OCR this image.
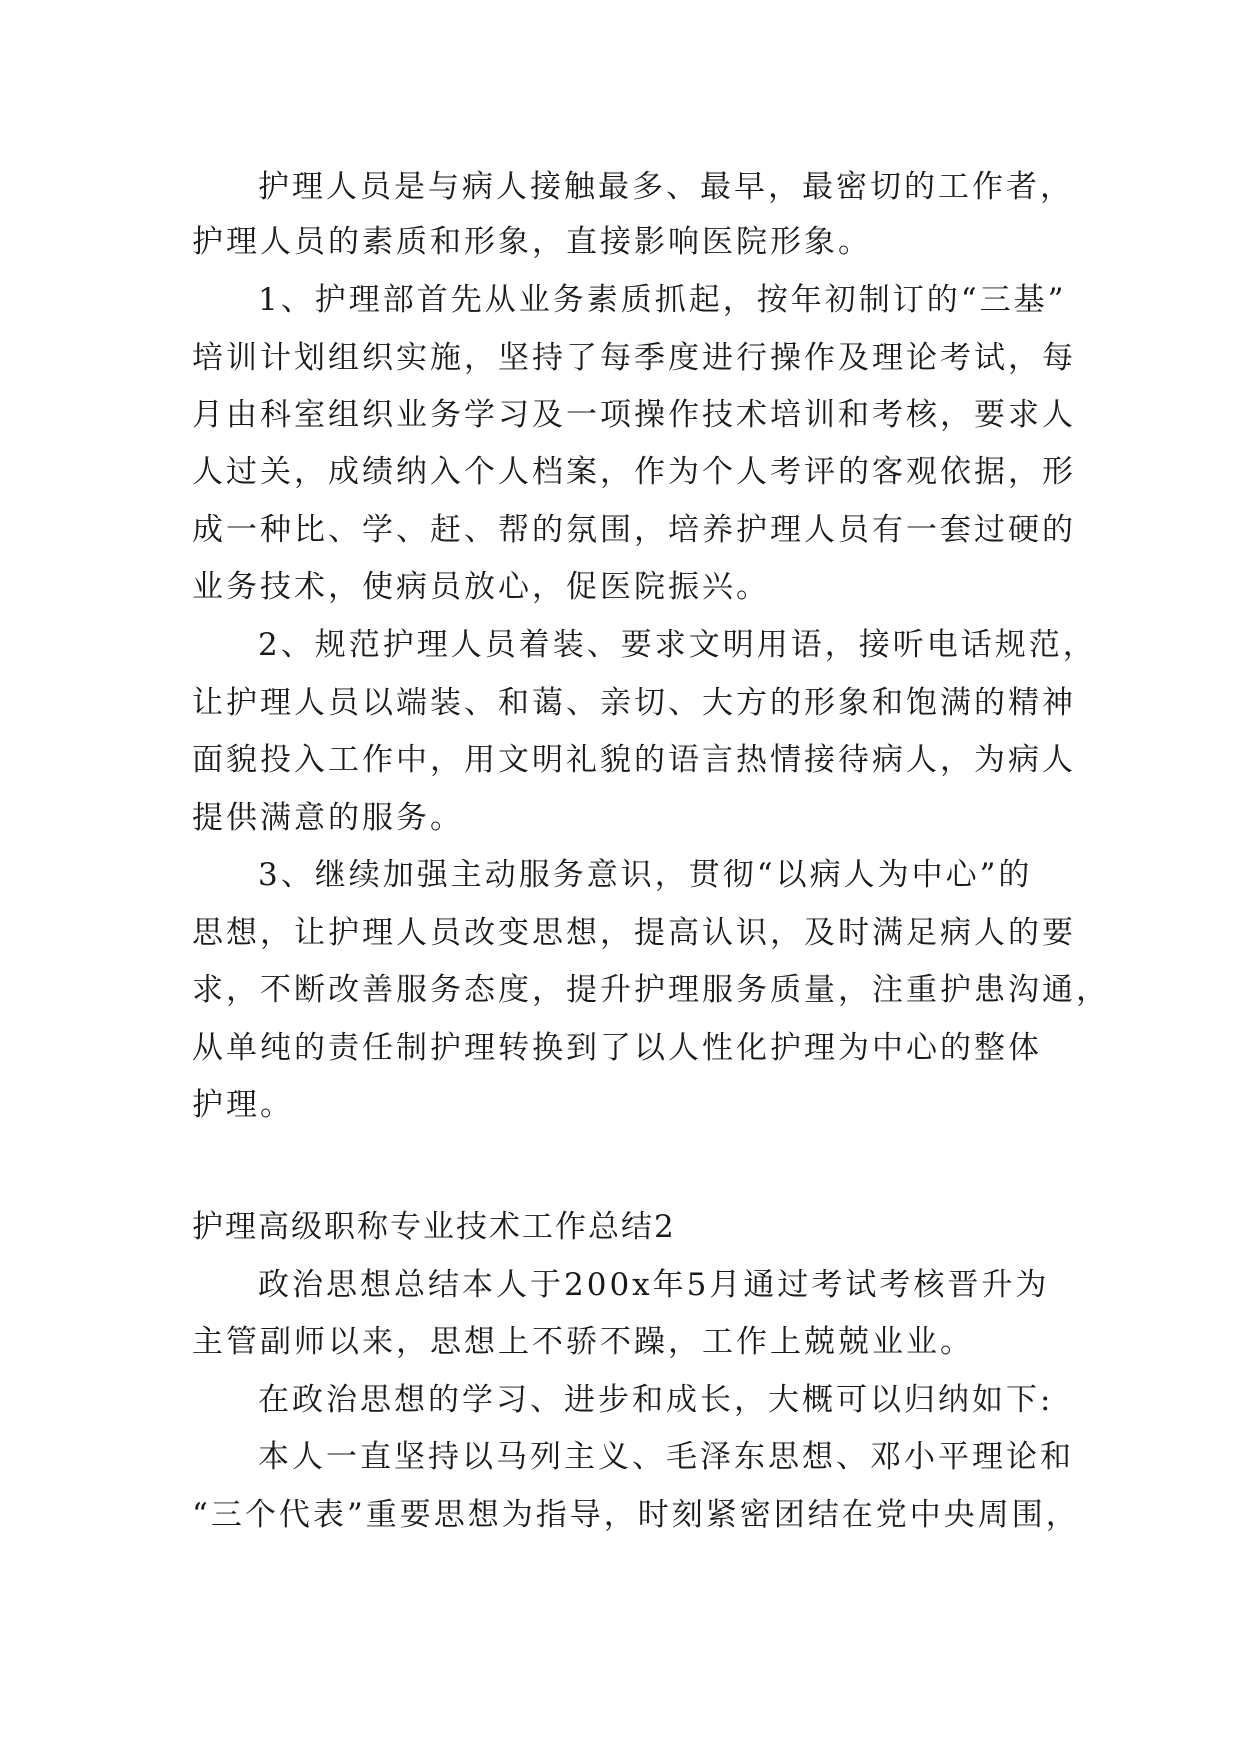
护理人员是与病人接触最多、最早，最密切的工作者，
护理人员的素质和形象，直接影响医院形象。
1、护理部首先从业务素质抓起，按年初制订的“三基”
培训计划组织实施，坚持了每季度进行操作及理论考试，每
月由科室组织业务学习及一项操作技术培训和考核，要求人
人过关，成绩纳入个人档案，作为个人考评的客观依据，形
成一种比、学、赶、帮的氛围，培养护理人员有一套过硬的
业务技术，使病员放心，促医院振兴。
2、规范护理人员着装、要求文明用语，接听电话规范，
让护理人员以端装、和蔼、亲切、大方的形象和饱满的精神
面貌投入工作中，用文明礼貌的语言热情接待病人，为病人
提供满意的服务。
3、继续加强主动服务意识，贯彻“以病人为中心”的
思想，让护理人员改变思想，提高认识，及时满足病人的要
求，不断改善服务态度，提升护理服务质量，注重护患沟通，
从单纯的责任制护理转换到了以人性化护理为中心的整体
护理。
护理高级职称专业技术工作总结2
政治思想总结本人于200x年5月通过考试考核晋升为
主管副师以来，思想上不骄不躁，工作上兢兢业业。
在政治思想的学习、进步和成长，大概可以归纳如下:
本人一直坚持以马列主义、毛泽东思想、邓小平理论和
“三个代表”重要思想为指导，时刻紧密团结在党中央周围，
